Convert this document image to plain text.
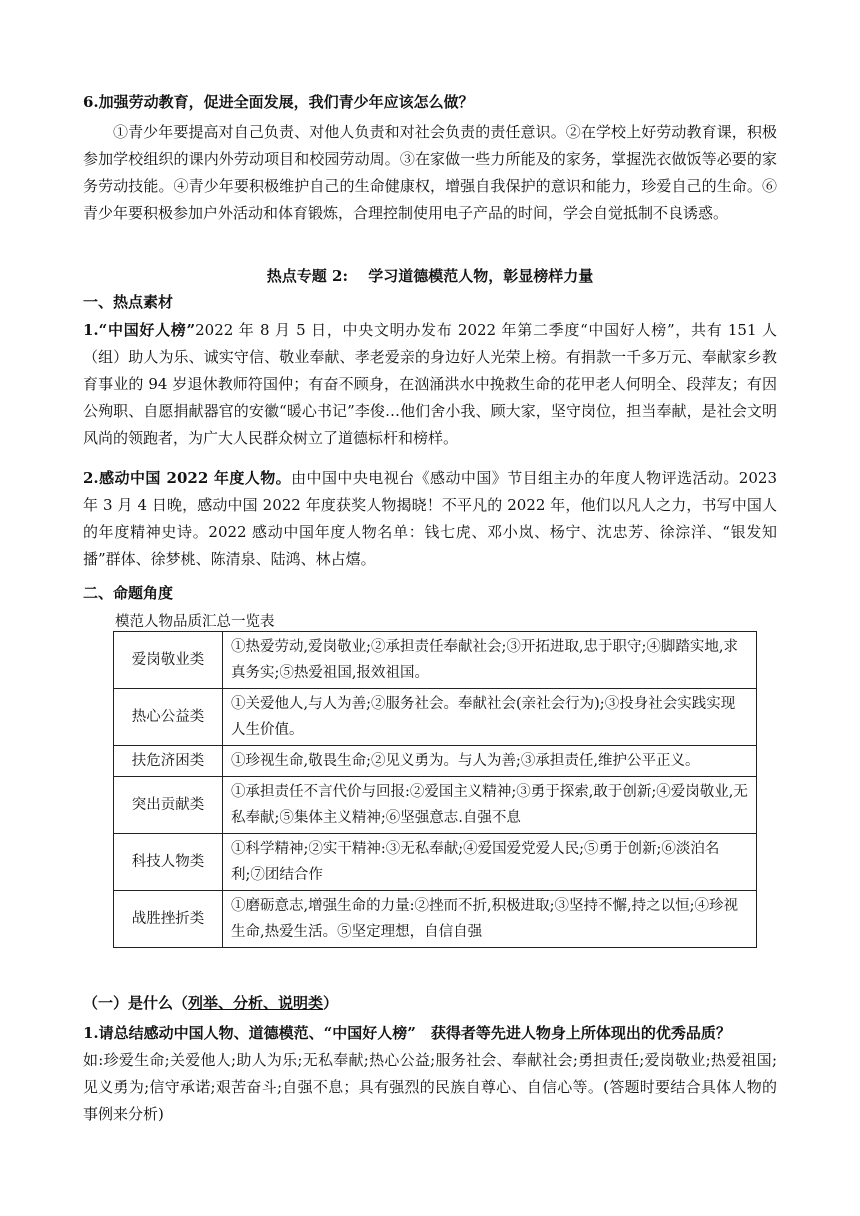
6.加强劳动教育，促进全面发展，我们青少年应该怎么做？
①青少年要提高对自己负责、对他人负责和对社会负责的责任意识。②在学校上好劳动教育课，积极参加学校组织的课内外劳动项目和校园劳动周。③在家做一些力所能及的家务，掌握洗衣做饭等必要的家务劳动技能。④青少年要积极维护自己的生命健康权，增强自我保护的意识和能力，珍爱自己的生命。⑥青少年要积极参加户外活动和体育锻炼，合理控制使用电子产品的时间，学会自觉抵制不良诱惑。
热点专题 2:　 学习道德模范人物，彰显榜样力量
一、热点素材
1.“中国好人榜”2022 年 8 月 5 日，中央文明办发布 2022 年第二季度“中国好人榜”，共有 151 人（组）助人为乐、诚实守信、敬业奉献、孝老爱亲的身边好人光荣上榜。有捐款一千多万元、奉献家乡教育事业的 94 岁退休教师符国仲；有奋不顾身，在汹涌洪水中挽救生命的花甲老人何明全、段萍友；有因公殉职、自愿捐献器官的安徽“暖心书记”李俊…他们舍小我、顾大家，坚守岗位，担当奉献，是社会文明风尚的领跑者，为广大人民群众树立了道德标杆和榜样。
2.感动中国 2022 年度人物。由中国中央电视台《感动中国》节目组主办的年度人物评选活动。2023 年 3 月 4 日晚，感动中国 2022 年度获奖人物揭晓！不平凡的 2022 年，他们以凡人之力，书写中国人的年度精神史诗。2022 感动中国年度人物名单：钱七虎、邓小岚、杨宁、沈忠芳、徐淙洋、“银发知播”群体、徐梦桃、陈清泉、陆鸿、林占熺。
二、命题角度
模范人物品质汇总一览表
爱岗敬业类	①热爱劳动,爱岗敬业;②承担责任奉献社会;③开拓进取,忠于职守;④脚踏实地,求真务实;⑤热爱祖国,报效祖国。
热心公益类	①关爱他人,与人为善;②服务社会。奉献社会(亲社会行为);③投身社会实践实现人生价值。
扶危济困类	①珍视生命,敬畏生命;②见义勇为。与人为善;③承担责任,维护公平正义。
突出贡献类	①承担责任不言代价与回报:②爱国主义精神;③勇于探索,敢于创新;④爱岗敬业,无私奉献;⑤集体主义精神;⑥坚强意志.自强不息
科技人物类	①科学精神;②实干精神:③无私奉献;④爱国爱党爱人民;⑤勇于创新;⑥淡泊名利;⑦团结合作
战胜挫折类	①磨砺意志,增强生命的力量:②挫而不折,积极进取;③坚持不懈,持之以恒;④珍视生命,热爱生活。⑤坚定理想，自信自强
（一）是什么（列举、分析、说明类）
1.请总结感动中国人物、道德模范、“中国好人榜”　获得者等先进人物身上所体现出的优秀品质？
如:珍爱生命;关爱他人;助人为乐;无私奉献;热心公益;服务社会、奉献社会;勇担责任;爱岗敬业;热爱祖国;见义勇为;信守承诺;艰苦奋斗;自强不息；具有强烈的民族自尊心、自信心等。(答题时要结合具体人物的事例来分析)
